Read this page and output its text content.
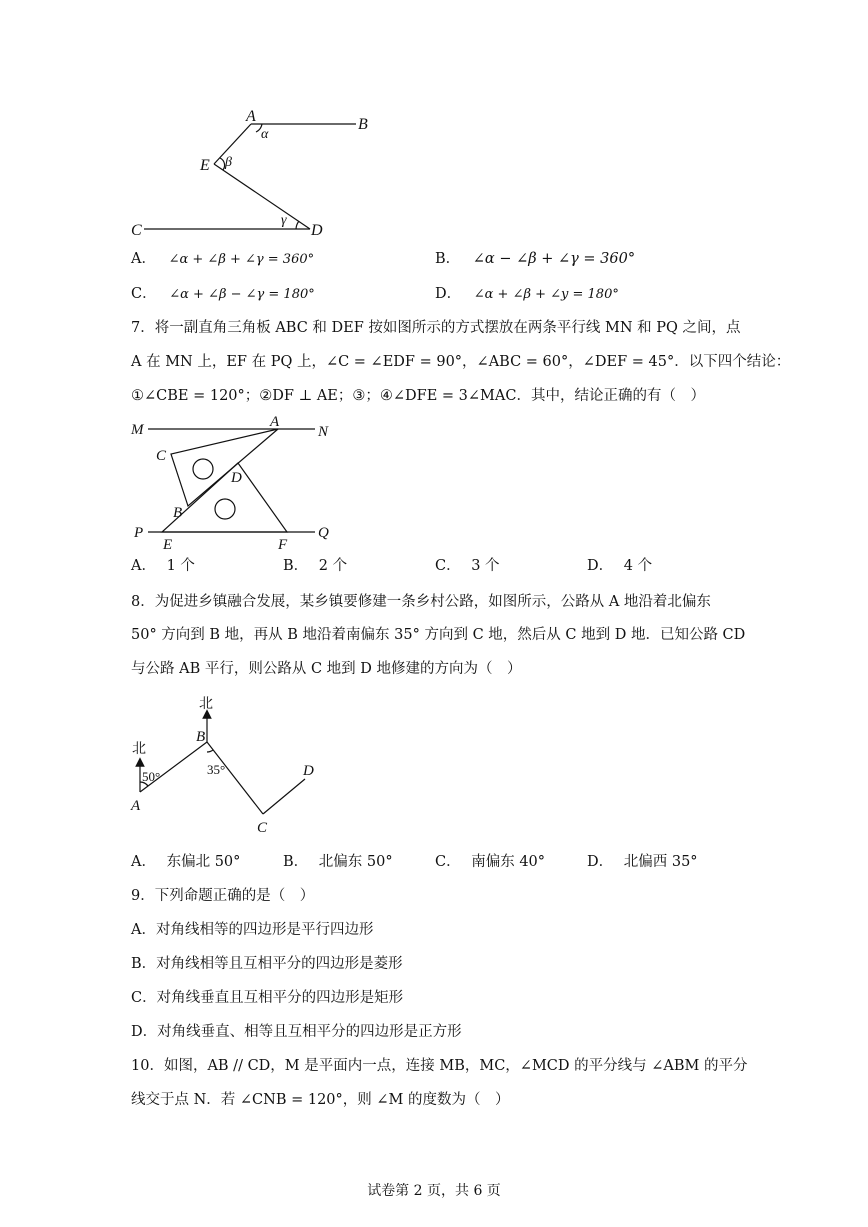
A	B
E
C	D
α
β
γ
A． ∠α + ∠β + ∠γ = 360°	B． ∠α − ∠β + ∠γ = 360°
C． ∠α + ∠β − ∠γ = 180°	D． ∠α + ∠β + ∠y = 180°
7．将一副直角三角板 ABC 和 DEF 按如图所示的方式摆放在两条平行线 MN 和 PQ 之间，点
A 在 MN 上，EF 在 PQ 上，∠C = ∠EDF = 90°，∠ABC = 60°，∠DEF = 45°．以下四个结论：
①∠CBE = 120°；②DF ⊥ AE；③；④∠DFE = 3∠MAC．其中，结论正确的有（　）
M	N
A
C
D
B
P	Q
E	F
A． 1 个	B． 2 个	C． 3 个	D． 4 个
8．为促进乡镇融合发展，某乡镇要修建一条乡村公路，如图所示，公路从 A 地沿着北偏东
50° 方向到 B 地，再从 B 地沿着南偏东 35° 方向到 C 地，然后从 C 地到 D 地．已知公路 CD
与公路 AB 平行，则公路从 C 地到 D 地修建的方向为（　）
北
北
A
B
C
D
50°	35°
A． 东偏北 50°	B． 北偏东 50°	C． 南偏东 40°	D． 北偏西 35°
9．下列命题正确的是（　）
A．对角线相等的四边形是平行四边形
B．对角线相等且互相平分的四边形是菱形
C．对角线垂直且互相平分的四边形是矩形
D．对角线垂直、相等且互相平分的四边形是正方形
10．如图，AB // CD，M 是平面内一点，连接 MB，MC，∠MCD 的平分线与 ∠ABM 的平分
线交于点 N．若 ∠CNB = 120°，则 ∠M 的度数为（　）
试卷第 2 页，共 6 页
